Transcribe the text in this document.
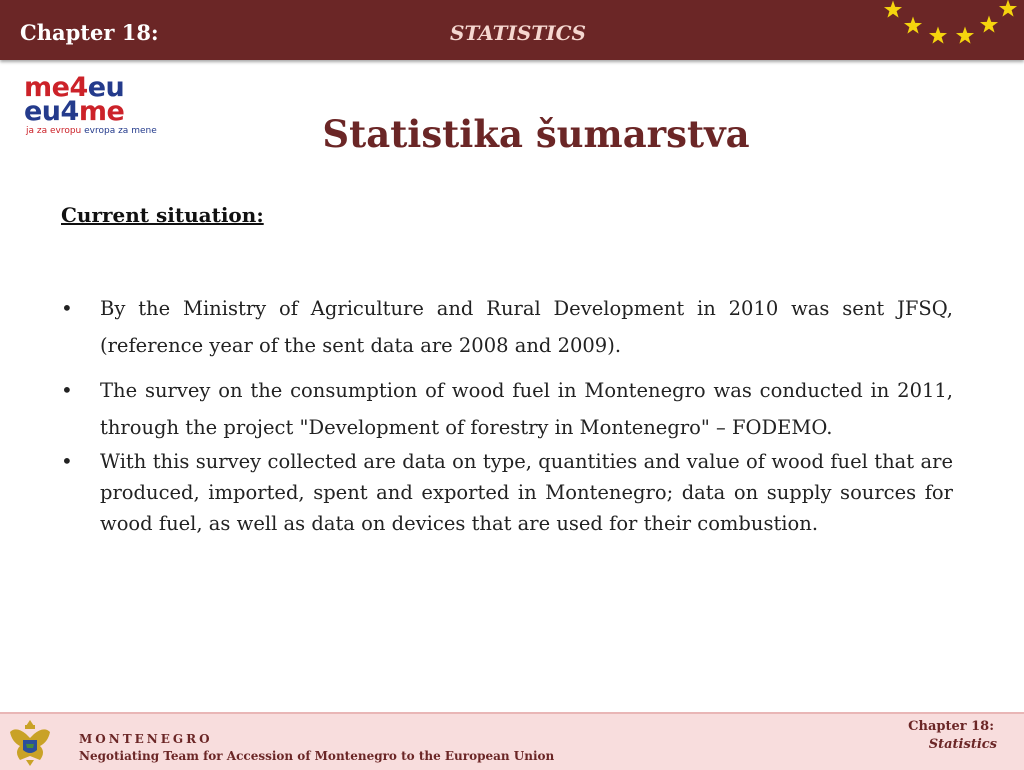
Chapter 18:	STATISTICS
me4eu
eu4me
ja za evropu evropa za mene	Statistika šumarstva
Current situation:
• By the Ministry of Agriculture and Rural Development in 2010 was sent JFSQ, (reference year of the sent data are 2008 and 2009).
• The survey on the consumption of wood fuel in Montenegro was conducted in 2011, through the project "Development of forestry in Montenegro" – FODEMO.
• With this survey collected are data on type, quantities and value of wood fuel that are produced, imported, spent and exported in Montenegro; data on supply sources for wood fuel, as well as data on devices that are used for their combustion.
MONTENEGRO
Negotiating Team for Accession of Montenegro to the European Union
Chapter 18:
Statistics
